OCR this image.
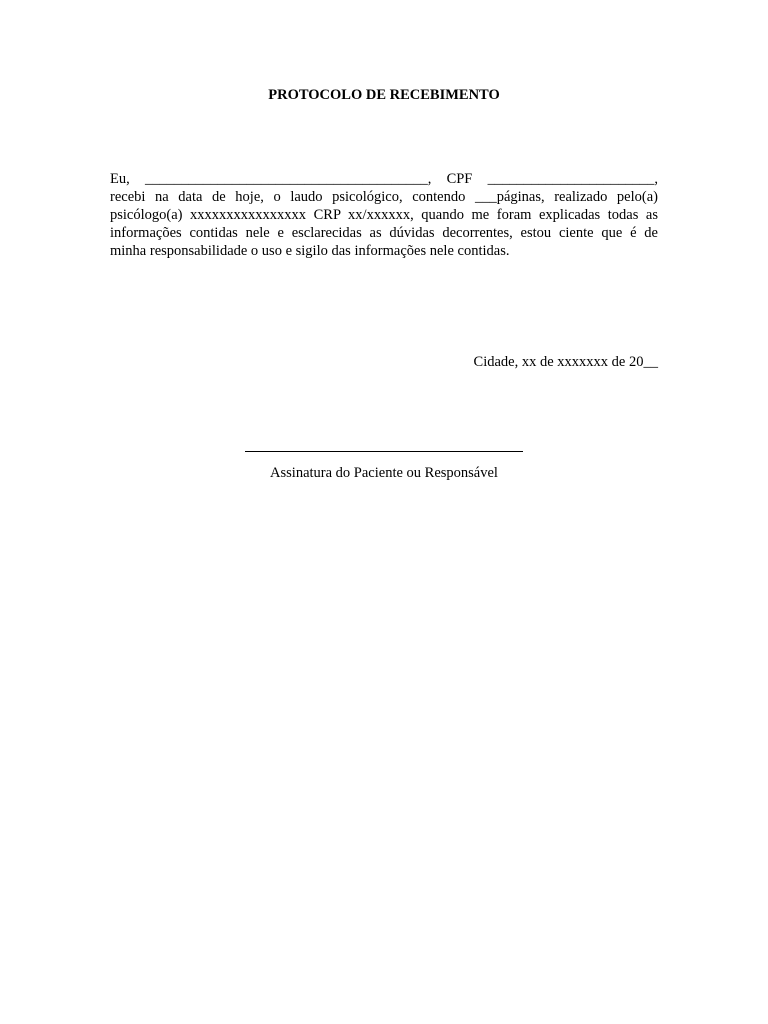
PROTOCOLO DE RECEBIMENTO
Eu, _______________________________________, CPF _______________________,
recebi na data de hoje, o laudo psicológico, contendo ___páginas, realizado pelo(a)
psicólogo(a) xxxxxxxxxxxxxxxx CRP xx/xxxxxx, quando me foram explicadas todas as
informações contidas nele e esclarecidas as dúvidas decorrentes, estou ciente que é de
minha responsabilidade o uso e sigilo das informações nele contidas.
Cidade, xx de xxxxxxx de 20__
Assinatura do Paciente ou Responsável
